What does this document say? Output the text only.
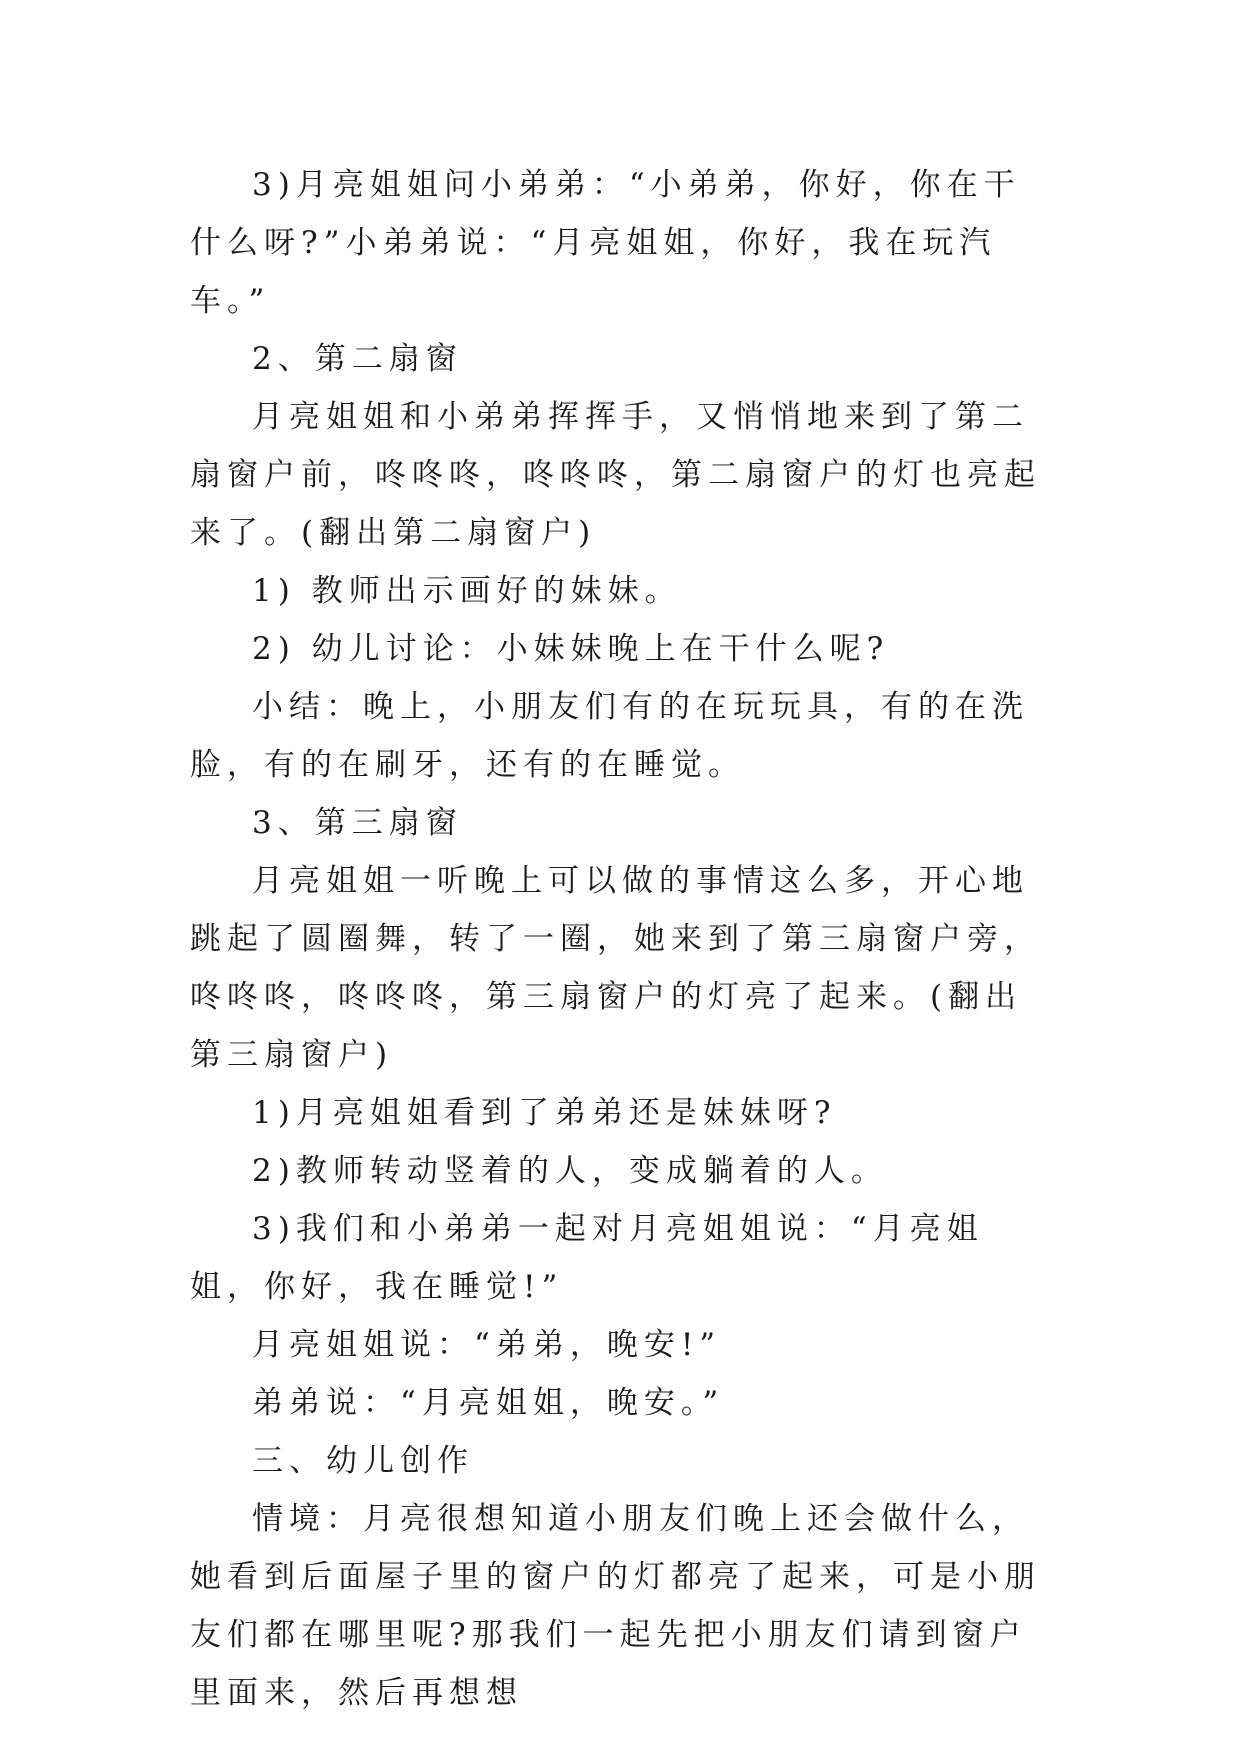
3)月亮姐姐问小弟弟：“小弟弟，你好，你在干什么呀?”小弟弟说：“月亮姐姐，你好，我在玩汽车。”

2、第二扇窗

月亮姐姐和小弟弟挥挥手，又悄悄地来到了第二扇窗户前，咚咚咚，咚咚咚，第二扇窗户的灯也亮起来了。(翻出第二扇窗户)

1) 教师出示画好的妹妹。

2) 幼儿讨论：小妹妹晚上在干什么呢?

小结：晚上，小朋友们有的在玩玩具，有的在洗脸，有的在刷牙，还有的在睡觉。

3、第三扇窗

月亮姐姐一听晚上可以做的事情这么多，开心地跳起了圆圈舞，转了一圈，她来到了第三扇窗户旁，咚咚咚，咚咚咚，第三扇窗户的灯亮了起来。(翻出第三扇窗户)

1)月亮姐姐看到了弟弟还是妹妹呀?

2)教师转动竖着的人，变成躺着的人。

3)我们和小弟弟一起对月亮姐姐说：“月亮姐姐，你好，我在睡觉!”

月亮姐姐说：“弟弟，晚安!”

弟弟说：“月亮姐姐，晚安。”

三、幼儿创作

情境：月亮很想知道小朋友们晚上还会做什么，她看到后面屋子里的窗户的灯都亮了起来，可是小朋友们都在哪里呢?那我们一起先把小朋友们请到窗户里面来，然后再想想
